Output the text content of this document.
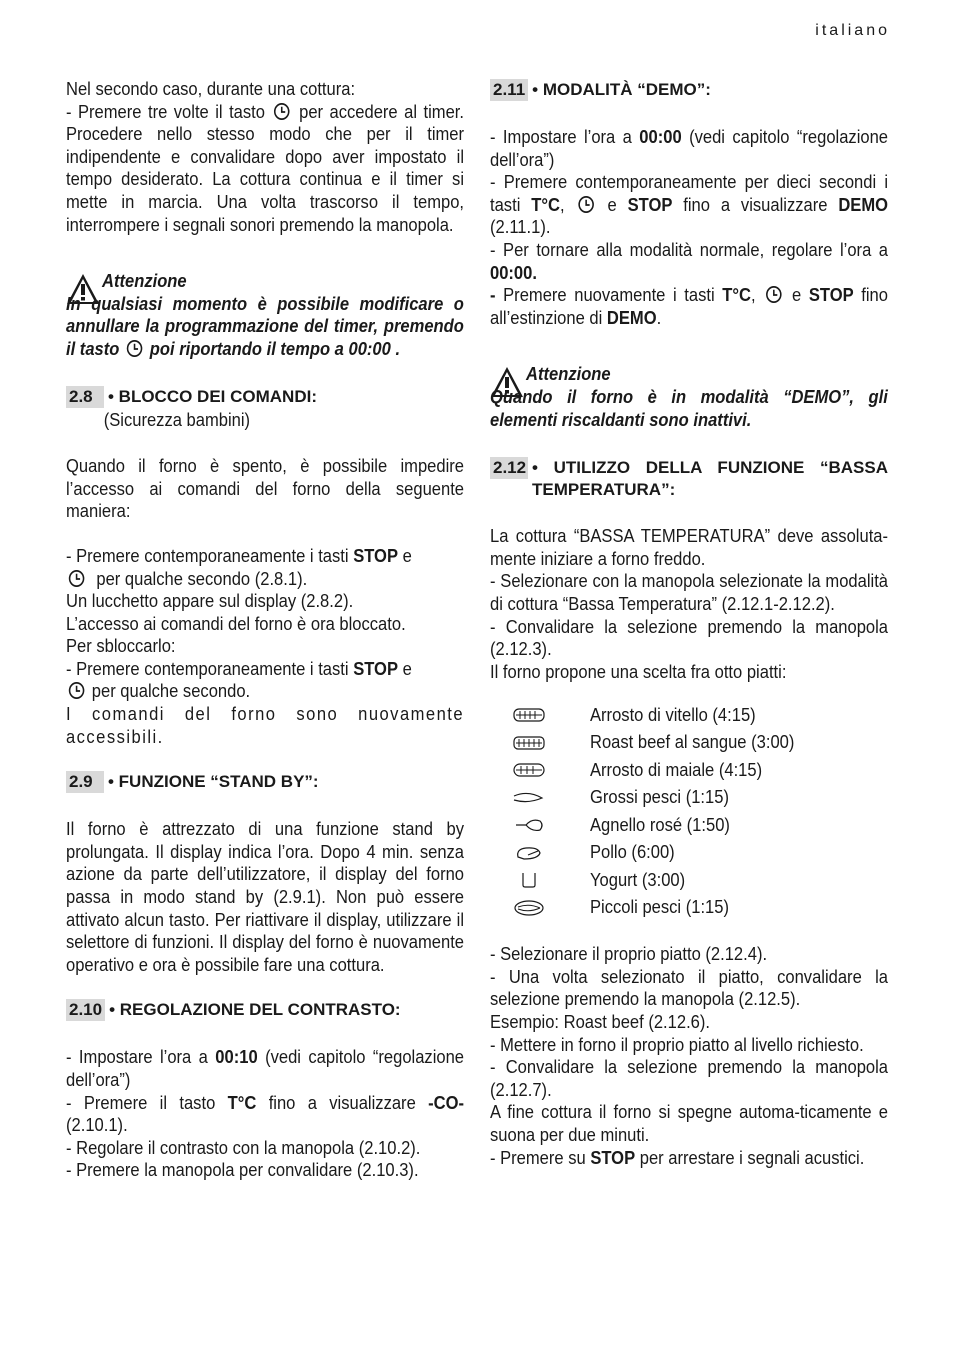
italiano

Nel secondo caso, durante una cottura:

- Premere tre volte il tasto per accedere al timer. Procedere nello stesso modo che per il timer indipendente e convalidare dopo aver impostato il tempo desiderato. La cottura continua e il timer si mette in marcia. Una volta trascorso il tempo, interrompere i segnali sonori premendo la manopola.

Attenzione

In qualsiasi momento è possibile modificare o annullare la programmazione del timer, premendo il tasto poi riportando il tempo a 00:00 .

2.8 • BLOCCO DEI COMANDI:

(Sicurezza bambini)

Quando il forno è spento, è possibile impedire l’accesso ai comandi del forno della seguente maniera:

- Premere contemporaneamente i tasti STOP e
per qualche secondo (2.8.1).

Un lucchetto appare sul display (2.8.2).

L’accesso ai comandi del forno è ora bloccato.

Per sbloccarlo:

- Premere contemporaneamente i tasti STOP e
per qualche secondo.

I comandi del forno sono nuovamente accessibili.

2.9 • FUNZIONE “STAND BY”:

Il forno è attrezzato di una funzione stand by prolungata. Il display indica l’ora. Dopo 4 min. senza azione da parte dell’utilizzatore, il display del forno passa in modo stand by (2.9.1). Non può essere attivato alcun tasto. Per riattivare il display, utilizzare il selettore di funzioni. Il display del forno è nuovamente operativo e ora è possibile fare una cottura.

2.10 • REGOLAZIONE DEL CONTRASTO:

- Impostare l’ora a 00:10 (vedi capitolo “regolazione dell’ora”)

- Premere il tasto T°C fino a visualizzare -CO- (2.10.1).

- Regolare il contrasto con la manopola (2.10.2).

- Premere la manopola per convalidare (2.10.3).

2.11 • MODALITÀ “DEMO”:

- Impostare l’ora a 00:00 (vedi capitolo “regolazione dell’ora”)

- Premere contemporaneamente per dieci secondi i tasti T°C, e STOP fino a visualizzare DEMO (2.11.1).

- Per tornare alla modalità normale, regolare l’ora a 00:00.

- Premere nuovamente i tasti T°C, e STOP fino all’estinzione di DEMO.

Attenzione

Quando il forno è in modalità “DEMO”, gli elementi riscaldanti sono inattivi.

2.12 • UTILIZZO DELLA FUNZIONE “BASSA TEMPERATURA”:

La cottura “BASSA TEMPERATURA” deve assoluta-mente iniziare a forno freddo.

- Selezionare con la manopola selezionate la modalità di cottura “Bassa Temperatura” (2.12.1-2.12.2).

- Convalidare la selezione premendo la manopola (2.12.3).

Il forno propone una scelta fra otto piatti:

Arrosto di vitello (4:15)
Roast beef al sangue (3:00)
Arrosto di maiale (4:15)
Grossi pesci (1:15)
Agnello rosé (1:50)
Pollo (6:00)
Yogurt (3:00)
Piccoli pesci (1:15)

- Selezionare il proprio piatto (2.12.4).

- Una volta selezionato il piatto, convalidare la selezione premendo la manopola (2.12.5).

Esempio: Roast beef (2.12.6).

- Mettere in forno il proprio piatto al livello richiesto.

- Convalidare la selezione premendo la manopola (2.12.7).

A fine cottura il forno si spegne automa-ticamente e suona per due minuti.

- Premere su STOP per arrestare i segnali acustici.
